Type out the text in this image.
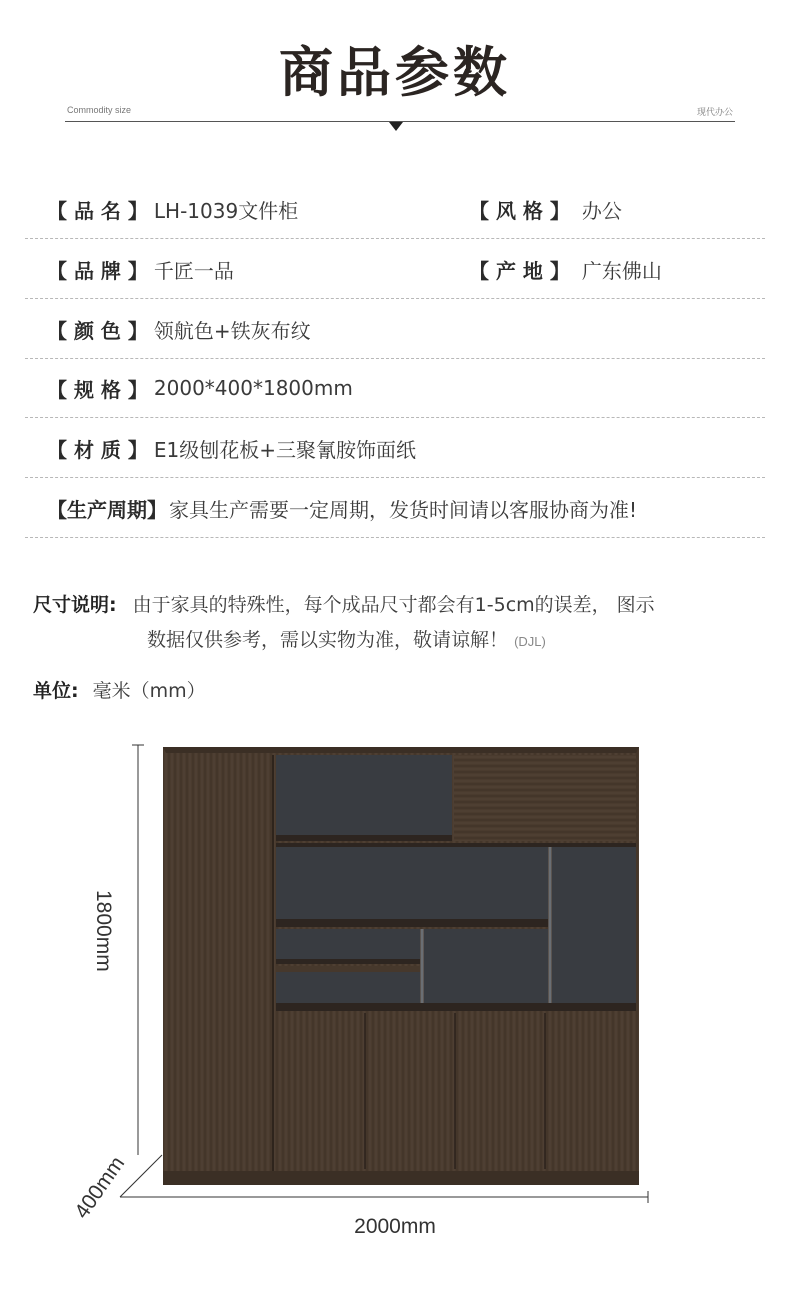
商品参数
Commodity size	现代办公
【 品 名 】 LH-1039文件柜	【 风 格 】 办公
【 品 牌 】 千匠一品	【 产 地 】 广东佛山
【 颜 色 】 领航色+铁灰布纹
【 规 格 】 2000*400*1800mm
【 材 质 】 E1级刨花板+三聚氰胺饰面纸
【生产周期】 家具生产需要一定周期，发货时间请以客服协商为准!
尺寸说明: 由于家具的特殊性，每个成品尺寸都会有1-5cm的误差， 图示
数据仅供参考，需以实物为准，敬请谅解！ (DJL)
单位: 毫米（mm）
1800mm
400mm
2000mm
